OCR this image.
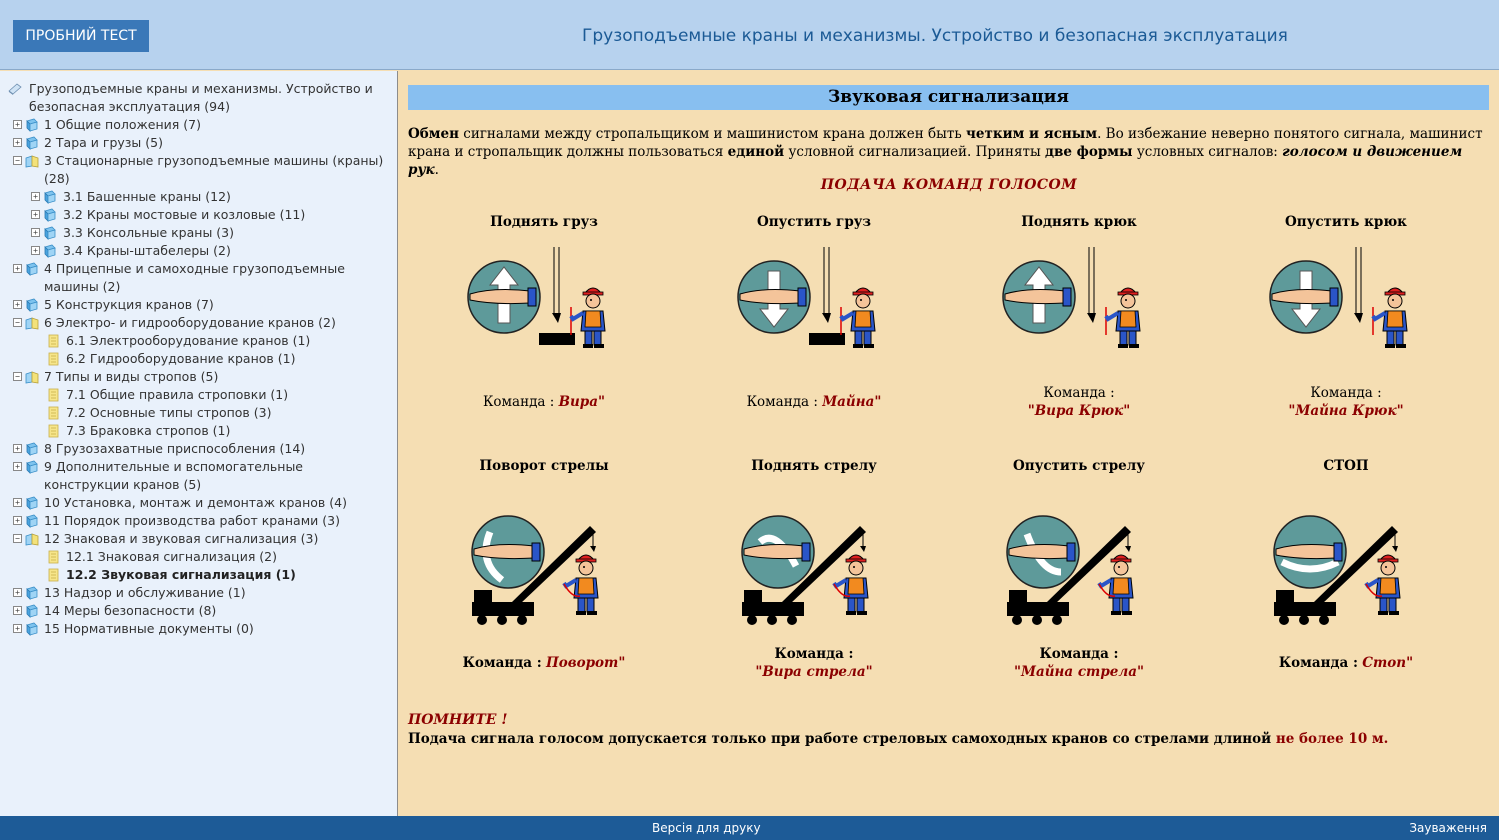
ПРОБНИЙ ТЕСТ	Грузоподъемные краны и механизмы. Устройство и безопасная эксплуатация
Грузоподъемные краны и механизмы. Устройство и безопасная эксплуатация (94)
+ 1 Общие положения (7)
+ 2 Тара и грузы (5)
− 3 Стационарные грузоподъемные машины (краны) (28)
+ 3.1 Башенные краны (12)
+ 3.2 Краны мостовые и козловые (11)
+ 3.3 Консольные краны (3)
+ 3.4 Краны-штабелеры (2)
+ 4 Прицепные и самоходные грузоподъемные машины (2)
+ 5 Конструкция кранов (7)
− 6 Электро- и гидрооборудование кранов (2)
6.1 Электрооборудование кранов (1)
6.2 Гидрооборудование кранов (1)
− 7 Типы и виды стропов (5)
7.1 Общие правила строповки (1)
7.2 Основные типы стропов (3)
7.3 Браковка стропов (1)
+ 8 Грузозахватные приспособления (14)
+ 9 Дополнительные и вспомогательные конструкции кранов (5)
+ 10 Установка, монтаж и демонтаж кранов (4)
+ 11 Порядок производства работ кранами (3)
− 12 Знаковая и звуковая сигнализация (3)
12.1 Знаковая сигнализация (2)
12.2 Звуковая сигнализация (1)
+ 13 Надзор и обслуживание (1)
+ 14 Меры безопасности (8)
+ 15 Нормативные документы (0)
Звуковая сигнализация
Обмен сигналами между стропальщиком и машинистом крана должен быть четким и ясным. Во избежание неверно понятого сигнала, машинист крана и стропальщик должны пользоваться единой условной сигнализацией. Приняты две формы условных сигналов: голосом и движением рук.
ПОДАЧА КОМАНД ГОЛОСОМ
Поднять груз
Команда : Вира"
Опустить груз
Команда : Майна"
Поднять крюк
Команда :
"Вира Крюк"
Опустить крюк
Команда :
"Майна Крюк"
Поворот стрелы
Команда : Поворот"
Поднять стрелу
Команда :
"Вира стрела"
Опустить стрелу
Команда :
"Майна стрела"
СТОП
Команда : Стоп"
ПОМНИТЕ !
Подача сигнала голосом допускается только при работе стреловых самоходных кранов со стрелами длиной не более 10 м.
Версія для друку	Зауваження
